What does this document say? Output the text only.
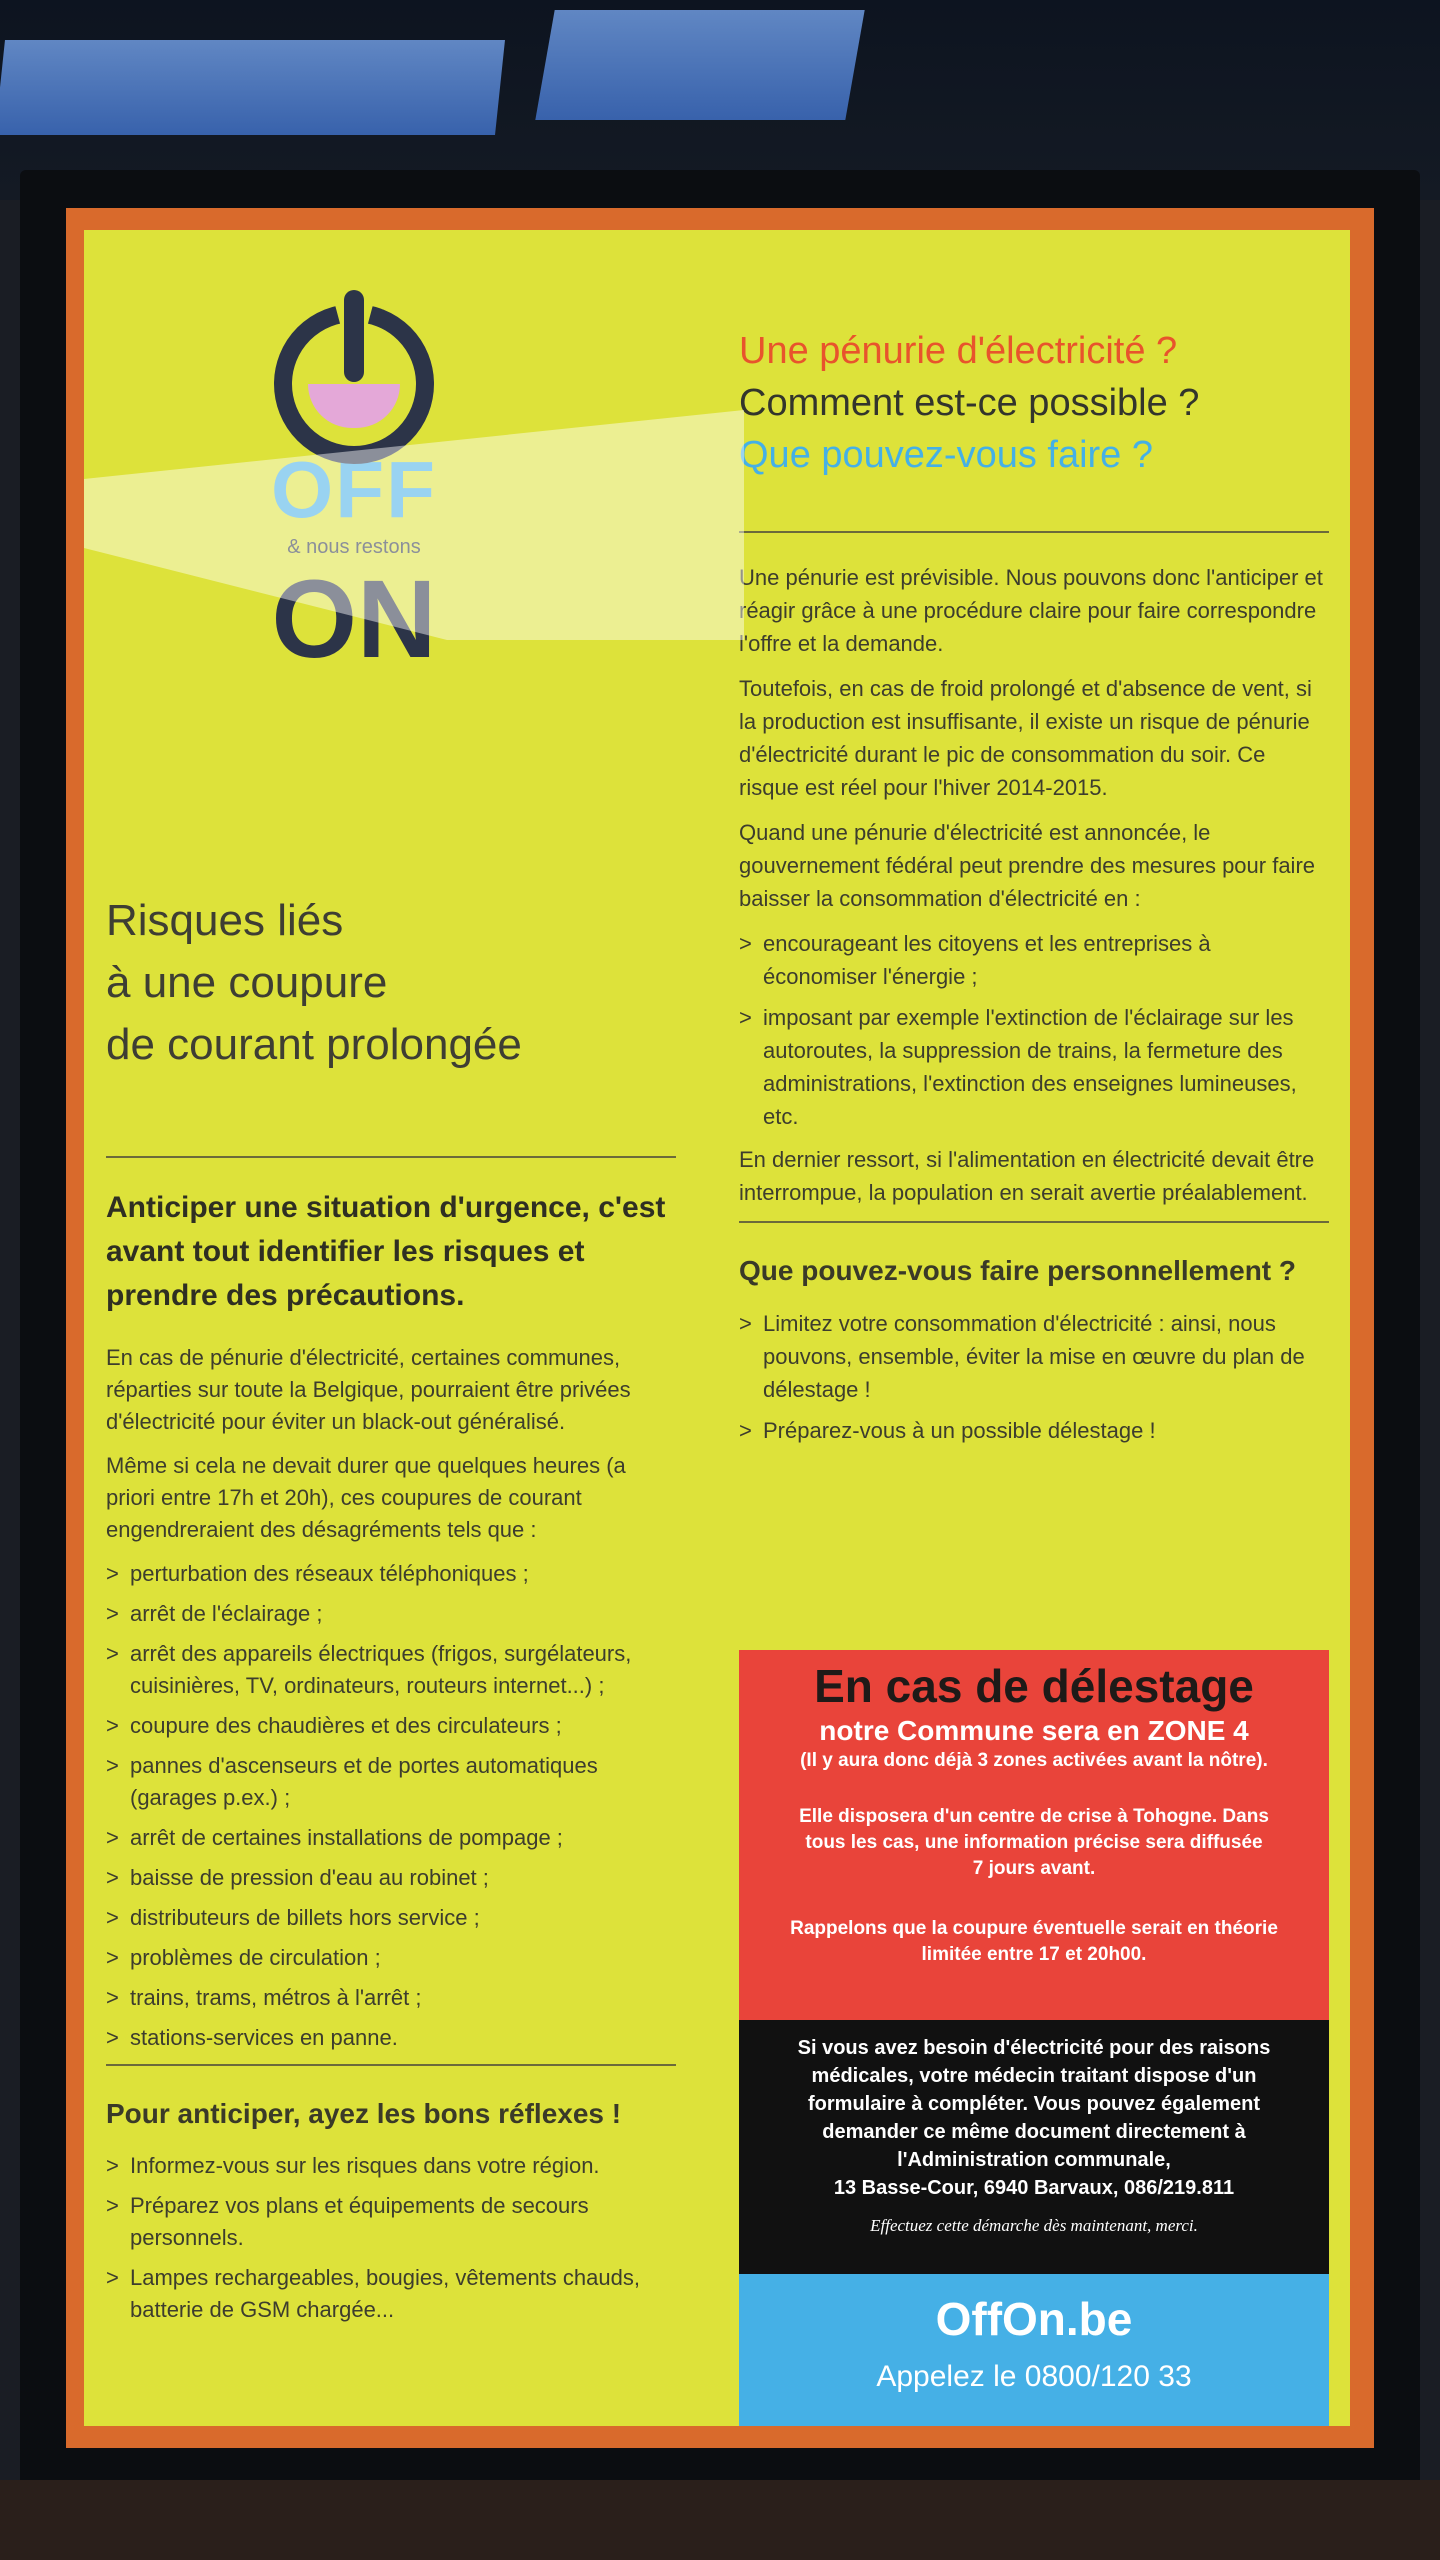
OFF
& nous restons
ON
Risques liés
à une coupure
de courant prolongée
Anticiper une situation d'urgence, c'est avant tout identifier les risques et prendre des précautions.

En cas de pénurie d'électricité, certaines communes, réparties sur toute la Belgique, pourraient être privées d'électricité pour éviter un black-out généralisé.

Même si cela ne devait durer que quelques heures (a priori entre 17h et 20h), ces coupures de courant engendreraient des désagréments tels que :

> perturbation des réseaux téléphoniques ;
> arrêt de l'éclairage ;
> arrêt des appareils électriques (frigos, surgélateurs, cuisinières, TV, ordinateurs, routeurs internet...) ;
> coupure des chaudières et des circulateurs ;
> pannes d'ascenseurs et de portes automatiques (garages p.ex.) ;
> arrêt de certaines installations de pompage ;
> baisse de pression d'eau au robinet ;
> distributeurs de billets hors service ;
> problèmes de circulation ;
> trains, trams, métros à l'arrêt ;
> stations-services en panne.
Pour anticiper, ayez les bons réflexes !
> Informez-vous sur les risques dans votre région.
> Préparez vos plans et équipements de secours personnels.
> Lampes rechargeables, bougies, vêtements chauds, batterie de GSM chargée...
Une pénurie d'électricité ?
Comment est-ce possible ?
Que pouvez-vous faire ?

Une pénurie est prévisible. Nous pouvons donc l'anticiper et réagir grâce à une procédure claire pour faire correspondre l'offre et la demande.

Toutefois, en cas de froid prolongé et d'absence de vent, si la production est insuffisante, il existe un risque de pénurie d'électricité durant le pic de consommation du soir. Ce risque est réel pour l'hiver 2014-2015.

Quand une pénurie d'électricité est annoncée, le gouvernement fédéral peut prendre des mesures pour faire baisser la consommation d'électricité en :

> encourageant les citoyens et les entreprises à économiser l'énergie ;
> imposant par exemple l'extinction de l'éclairage sur les autoroutes, la suppression de trains, la fermeture des administrations, l'extinction des enseignes lumineuses, etc.

En dernier ressort, si l'alimentation en électricité devait être interrompue, la population en serait avertie préalablement.

Que pouvez-vous faire personnellement ?
> Limitez votre consommation d'électricité : ainsi, nous pouvons, ensemble, éviter la mise en œuvre du plan de délestage !
> Préparez-vous à un possible délestage !
En cas de délestage
notre Commune sera en ZONE 4
(Il y aura donc déjà 3 zones activées avant la nôtre).
Elle disposera d'un centre de crise à Tohogne. Dans tous les cas, une information précise sera diffusée 7 jours avant.
Rappelons que la coupure éventuelle serait en théorie limitée entre 17 et 20h00.
Si vous avez besoin d'électricité pour des raisons médicales, votre médecin traitant dispose d'un formulaire à compléter. Vous pouvez également demander ce même document directement à l'Administration communale,
13 Basse-Cour, 6940 Barvaux, 086/219.811
Effectuez cette démarche dès maintenant, merci.
OffOn.be
Appelez le 0800/120 33
